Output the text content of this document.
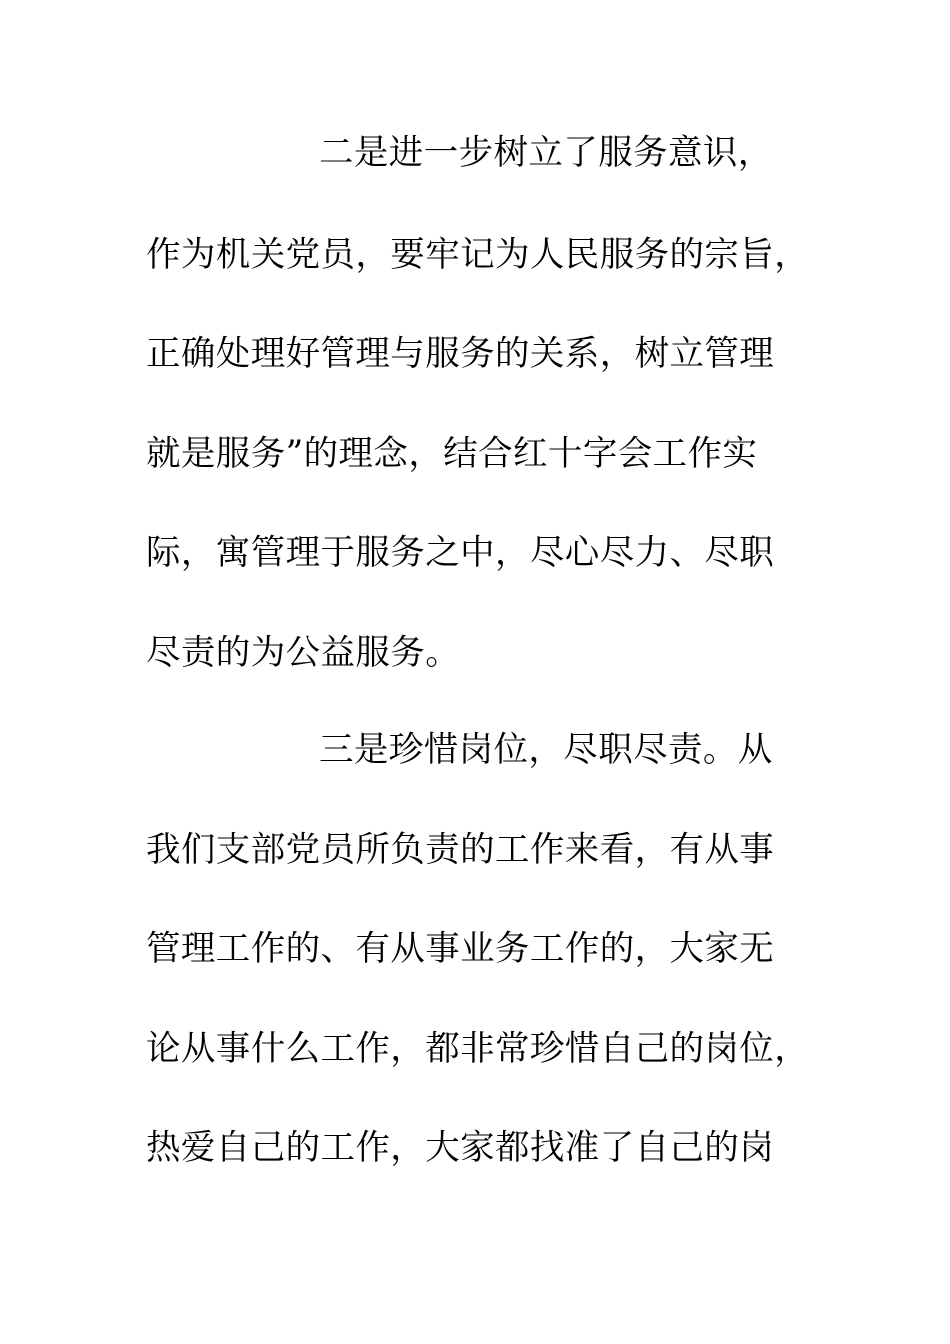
二是进一步树立了服务意识，
作为机关党员，要牢记为人民服务的宗旨，
正确处理好管理与服务的关系，树立管理
就是服务”的理念，结合红十字会工作实
际，寓管理于服务之中，尽心尽力、尽职
尽责的为公益服务。
三是珍惜岗位，尽职尽责。从
我们支部党员所负责的工作来看，有从事
管理工作的、有从事业务工作的，大家无
论从事什么工作，都非常珍惜自己的岗位，
热爱自己的工作，大家都找准了自己的岗
